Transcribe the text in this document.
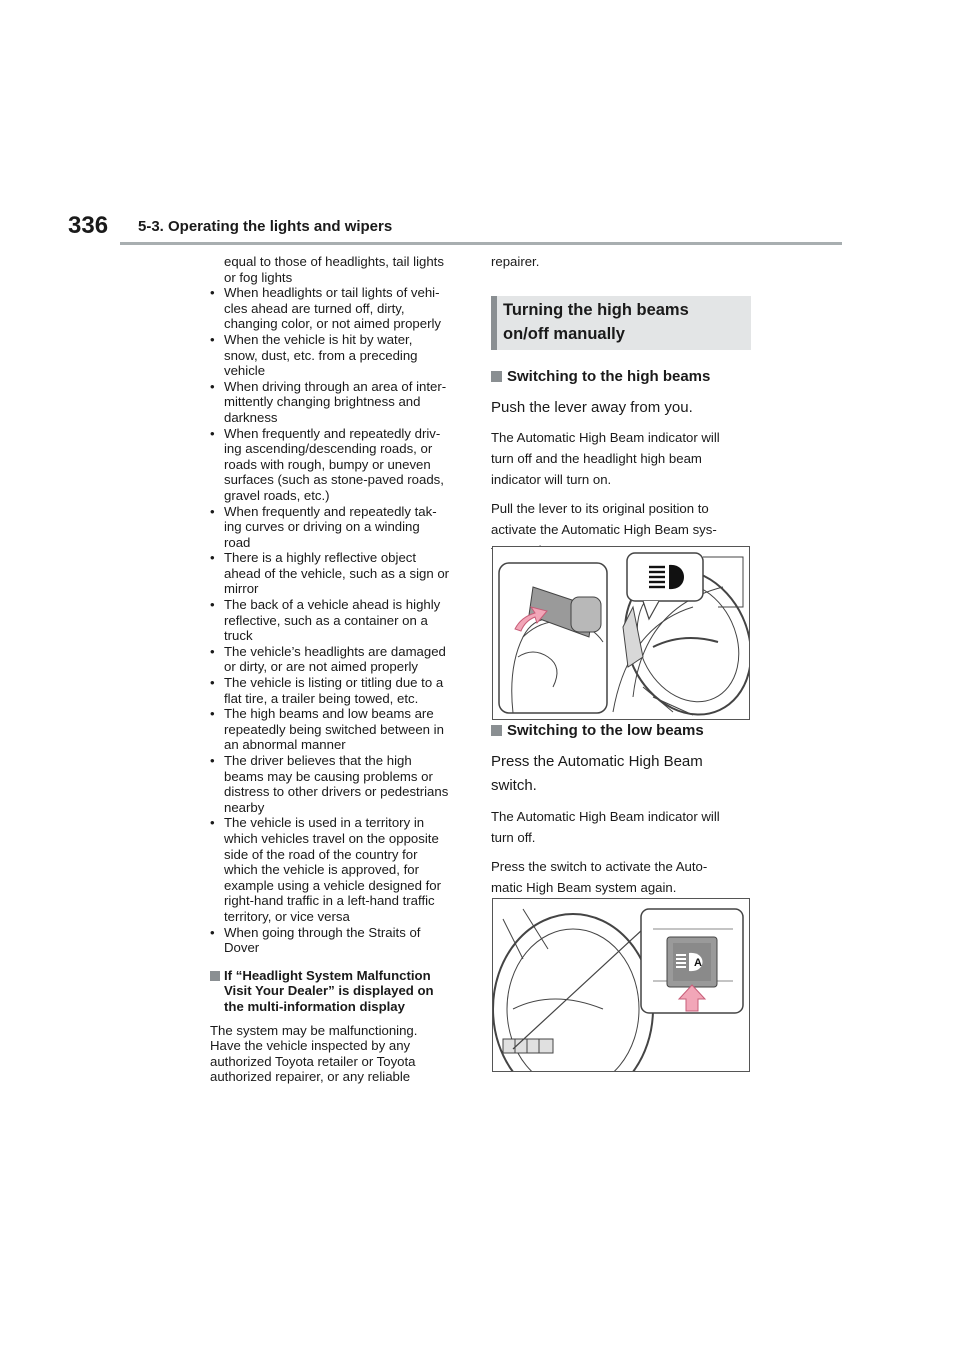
336 5-3. Operating the lights and wipers
equal to those of headlights, tail lights
or fog lights
• When headlights or tail lights of vehi-
cles ahead are turned off, dirty,
changing color, or not aimed properly
• When the vehicle is hit by water,
snow, dust, etc. from a preceding
vehicle
• When driving through an area of inter-
mittently changing brightness and
darkness
• When frequently and repeatedly driv-
ing ascending/descending roads, or
roads with rough, bumpy or uneven
surfaces (such as stone-paved roads,
gravel roads, etc.)
• When frequently and repeatedly tak-
ing curves or driving on a winding
road
• There is a highly reflective object
ahead of the vehicle, such as a sign or
mirror
• The back of a vehicle ahead is highly
reflective, such as a container on a
truck
• The vehicle’s headlights are damaged
or dirty, or are not aimed properly
• The vehicle is listing or titling due to a
flat tire, a trailer being towed, etc.
• The high beams and low beams are
repeatedly being switched between in
an abnormal manner
• The driver believes that the high
beams may be causing problems or
distress to other drivers or pedestrians
nearby
• The vehicle is used in a territory in
which vehicles travel on the opposite
side of the road of the country for
which the vehicle is approved, for
example using a vehicle designed for
right-hand traffic in a left-hand traffic
territory, or vice versa
• When going through the Straits of
Dover
If “Headlight System Malfunction
Visit Your Dealer” is displayed on
the multi-information display

The system may be malfunctioning.
Have the vehicle inspected by any
authorized Toyota retailer or Toyota
authorized repairer, or any reliable

repairer.

Turning the high beams
on/off manually
Switching to the high beams

Push the lever away from you.

The Automatic High Beam indicator will
turn off and the headlight high beam
indicator will turn on.

Pull the lever to its original position to
activate the Automatic High Beam sys-

Switching to the low beams

Press the Automatic High Beam
switch.

The Automatic High Beam indicator will
turn off.

Press the switch to activate the Auto-
matic High Beam system again.

A
